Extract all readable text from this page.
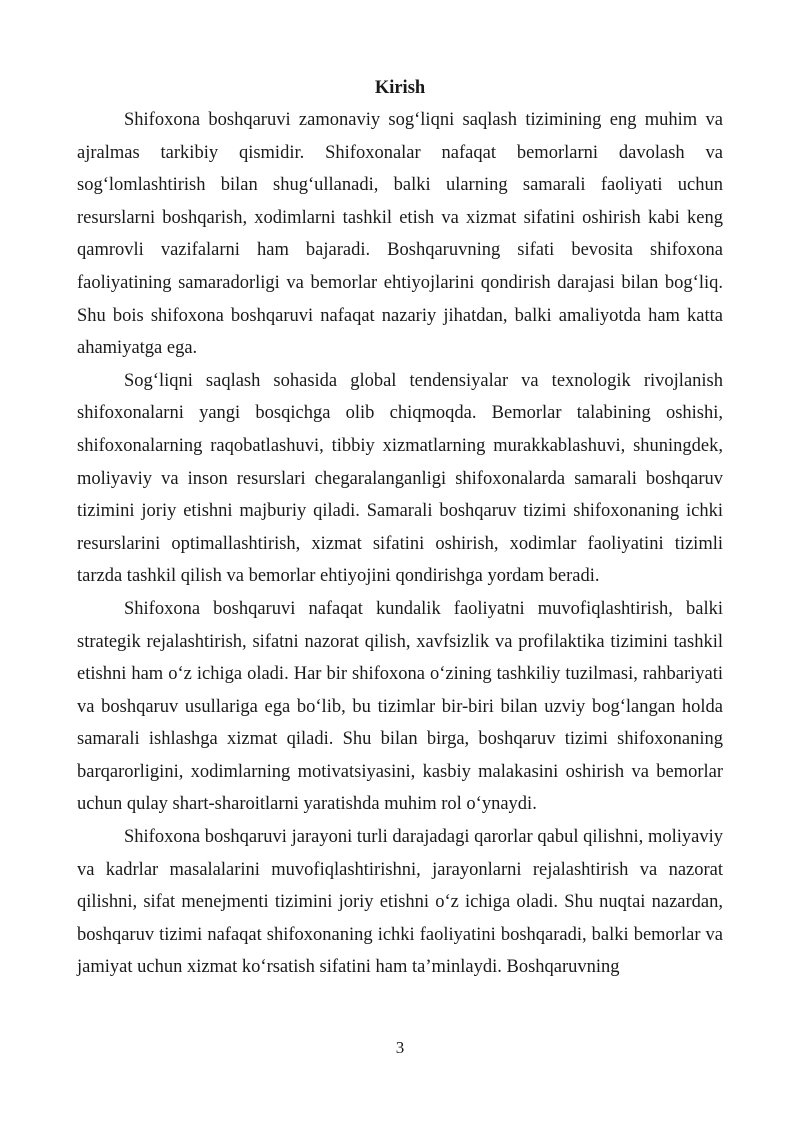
Kirish

Shifoxona boshqaruvi zamonaviy sog‘liqni saqlash tizimining eng muhim va ajralmas tarkibiy qismidir. Shifoxonalar nafaqat bemorlarni davolash va sog‘lomlashtirish bilan shug‘ullanadi, balki ularning samarali faoliyati uchun resurslarni boshqarish, xodimlarni tashkil etish va xizmat sifatini oshirish kabi keng qamrovli vazifalarni ham bajaradi. Boshqaruvning sifati bevosita shifoxona faoliyatining samaradorligi va bemorlar ehtiyojlarini qondirish darajasi bilan bog‘liq. Shu bois shifoxona boshqaruvi nafaqat nazariy jihatdan, balki amaliyotda ham katta ahamiyatga ega.

Sog‘liqni saqlash sohasida global tendensiyalar va texnologik rivojlanish shifoxonalarni yangi bosqichga olib chiqmoqda. Bemorlar talabining oshishi, shifoxonalarning raqobatlashuvi, tibbiy xizmatlarning murakkablashuvi, shuningdek, moliyaviy va inson resurslari chegaralanganligi shifoxonalarda samarali boshqaruv tizimini joriy etishni majburiy qiladi. Samarali boshqaruv tizimi shifoxonaning ichki resurslarini optimallashtirish, xizmat sifatini oshirish, xodimlar faoliyatini tizimli tarzda tashkil qilish va bemorlar ehtiyojini qondirishga yordam beradi.

Shifoxona boshqaruvi nafaqat kundalik faoliyatni muvofiqlashtirish, balki strategik rejalashtirish, sifatni nazorat qilish, xavfsizlik va profilaktika tizimini tashkil etishni ham o‘z ichiga oladi. Har bir shifoxona o‘zining tashkiliy tuzilmasi, rahbariyati va boshqaruv usullariga ega bo‘lib, bu tizimlar bir-biri bilan uzviy bog‘langan holda samarali ishlashga xizmat qiladi. Shu bilan birga, boshqaruv tizimi shifoxonaning barqarorligini, xodimlarning motivatsiyasini, kasbiy malakasini oshirish va bemorlar uchun qulay shart-sharoitlarni yaratishda muhim rol o‘ynaydi.

Shifoxona boshqaruvi jarayoni turli darajadagi qarorlar qabul qilishni, moliyaviy va kadrlar masalalarini muvofiqlashtirishni, jarayonlarni rejalashtirish va nazorat qilishni, sifat menejmenti tizimini joriy etishni o‘z ichiga oladi. Shu nuqtai nazardan, boshqaruv tizimi nafaqat shifoxonaning ichki faoliyatini boshqaradi, balki bemorlar va jamiyat uchun xizmat ko‘rsatish sifatini ham ta’minlaydi. Boshqaruvning

3
